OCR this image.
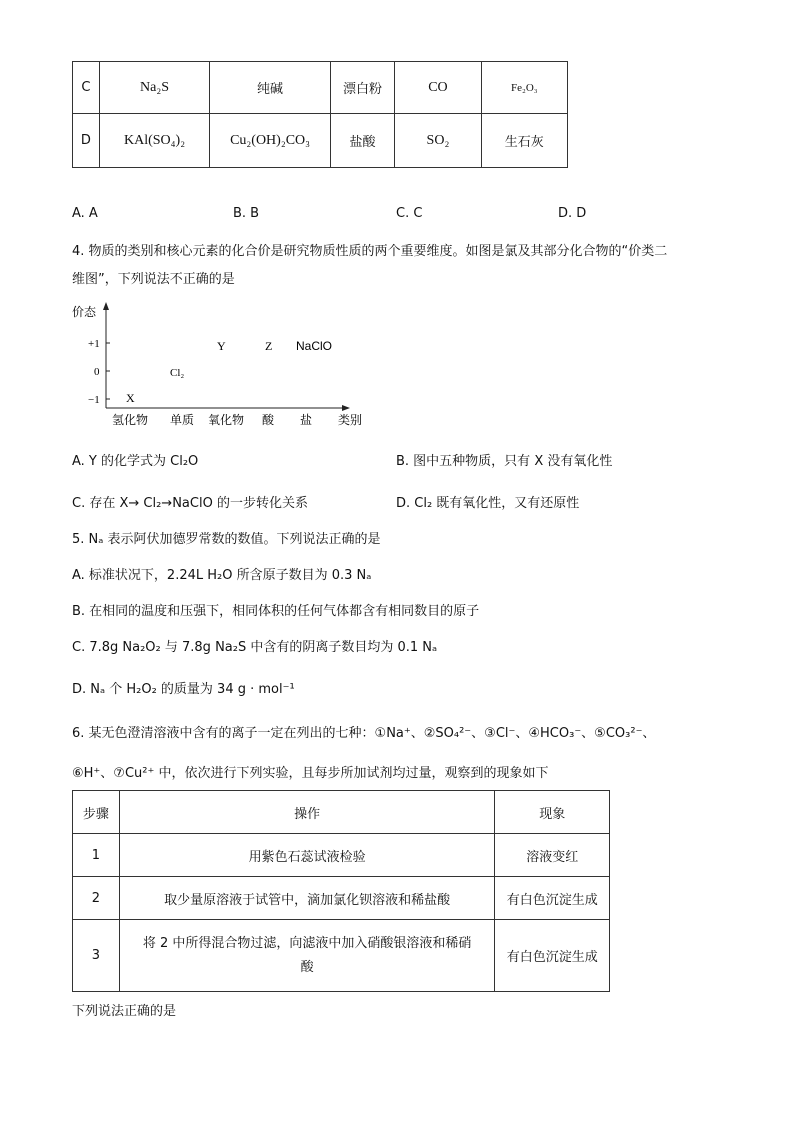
C	Na₂S	纯碱	漂白粉	CO	Fe₂O₃
D	KAl(SO₄)₂	Cu₂(OH)₂CO₃	盐酸	SO₂	生石灰
A. A	B. B	C. C	D. D
4. 物质的类别和核心元素的化合价是研究物质性质的两个重要维度。如图是氯及其部分化合物的“价类二
维图”，下列说法不正确的是
价态
+1
0
−1
氢化物 单质 氧化物 酸 盐 类别
X
Cl₂
Y	Z NaClO
A. Y 的化学式为 Cl₂O	B. 图中五种物质，只有 X 没有氧化性
C. 存在 X→ Cl₂→NaClO 的一步转化关系	D. Cl₂ 既有氧化性，又有还原性
5. Nₐ 表示阿伏加德罗常数的数值。下列说法正确的是
A. 标准状况下，2.24L H₂O 所含原子数目为 0.3 Nₐ
B. 在相同的温度和压强下，相同体积的任何气体都含有相同数目的原子
C. 7.8g Na₂O₂ 与 7.8g Na₂S 中含有的阴离子数目均为 0.1 Nₐ
D. Nₐ 个 H₂O₂ 的质量为 34 g · mol⁻¹
6. 某无色澄清溶液中含有的离子一定在列出的七种：①Na⁺、②SO₄²⁻、③Cl⁻、④HCO₃⁻、⑤CO₃²⁻、
⑥H⁺、⑦Cu²⁺ 中，依次进行下列实验，且每步所加试剂均过量，观察到的现象如下
步骤	操作	现象
1	用紫色石蕊试液检验	溶液变红
2	取少量原溶液于试管中，滴加氯化钡溶液和稀盐酸	有白色沉淀生成
3	将 2 中所得混合物过滤，向滤液中加入硝酸银溶液和稀硝
酸	有白色沉淀生成
下列说法正确的是
